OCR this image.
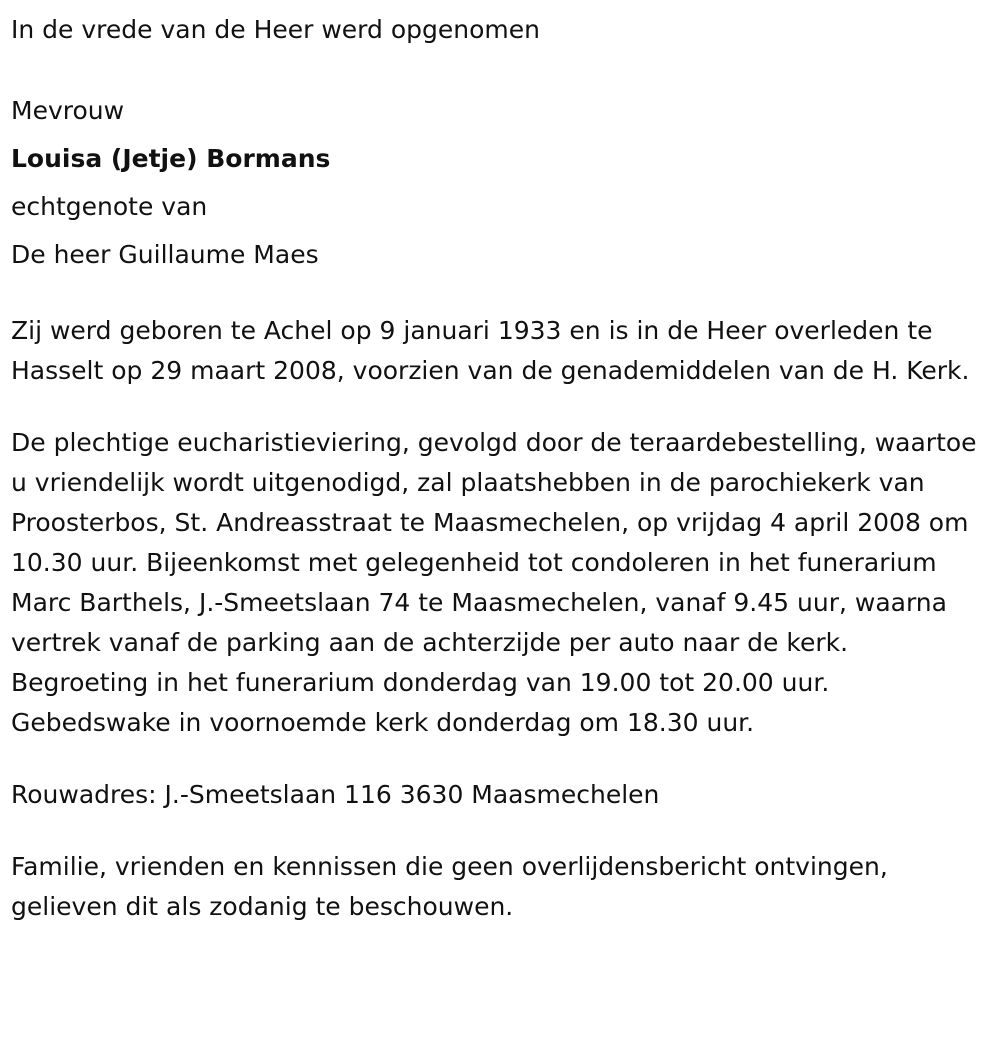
In de vrede van de Heer werd opgenomen

Mevrouw

Louisa (Jetje) Bormans

echtgenote van

De heer Guillaume Maes

Zij werd geboren te Achel op 9 januari 1933 en is in de Heer overleden te Hasselt op 29 maart 2008, voorzien van de genademiddelen van de H. Kerk.

De plechtige eucharistieviering, gevolgd door de teraardebestelling, waartoe u vriendelijk wordt uitgenodigd, zal plaatshebben in de parochiekerk van Proosterbos, St. Andreasstraat te Maasmechelen, op vrijdag 4 april 2008 om 10.30 uur. Bijeenkomst met gelegenheid tot condoleren in het funerarium Marc Barthels, J.-Smeetslaan 74 te Maasmechelen, vanaf 9.45 uur, waarna vertrek vanaf de parking aan de achterzijde per auto naar de kerk. Begroeting in het funerarium donderdag van 19.00 tot 20.00 uur. Gebedswake in voornoemde kerk donderdag om 18.30 uur.

Rouwadres: J.-Smeetslaan 116 3630 Maasmechelen

Familie, vrienden en kennissen die geen overlijdensbericht ontvingen, gelieven dit als zodanig te beschouwen.
